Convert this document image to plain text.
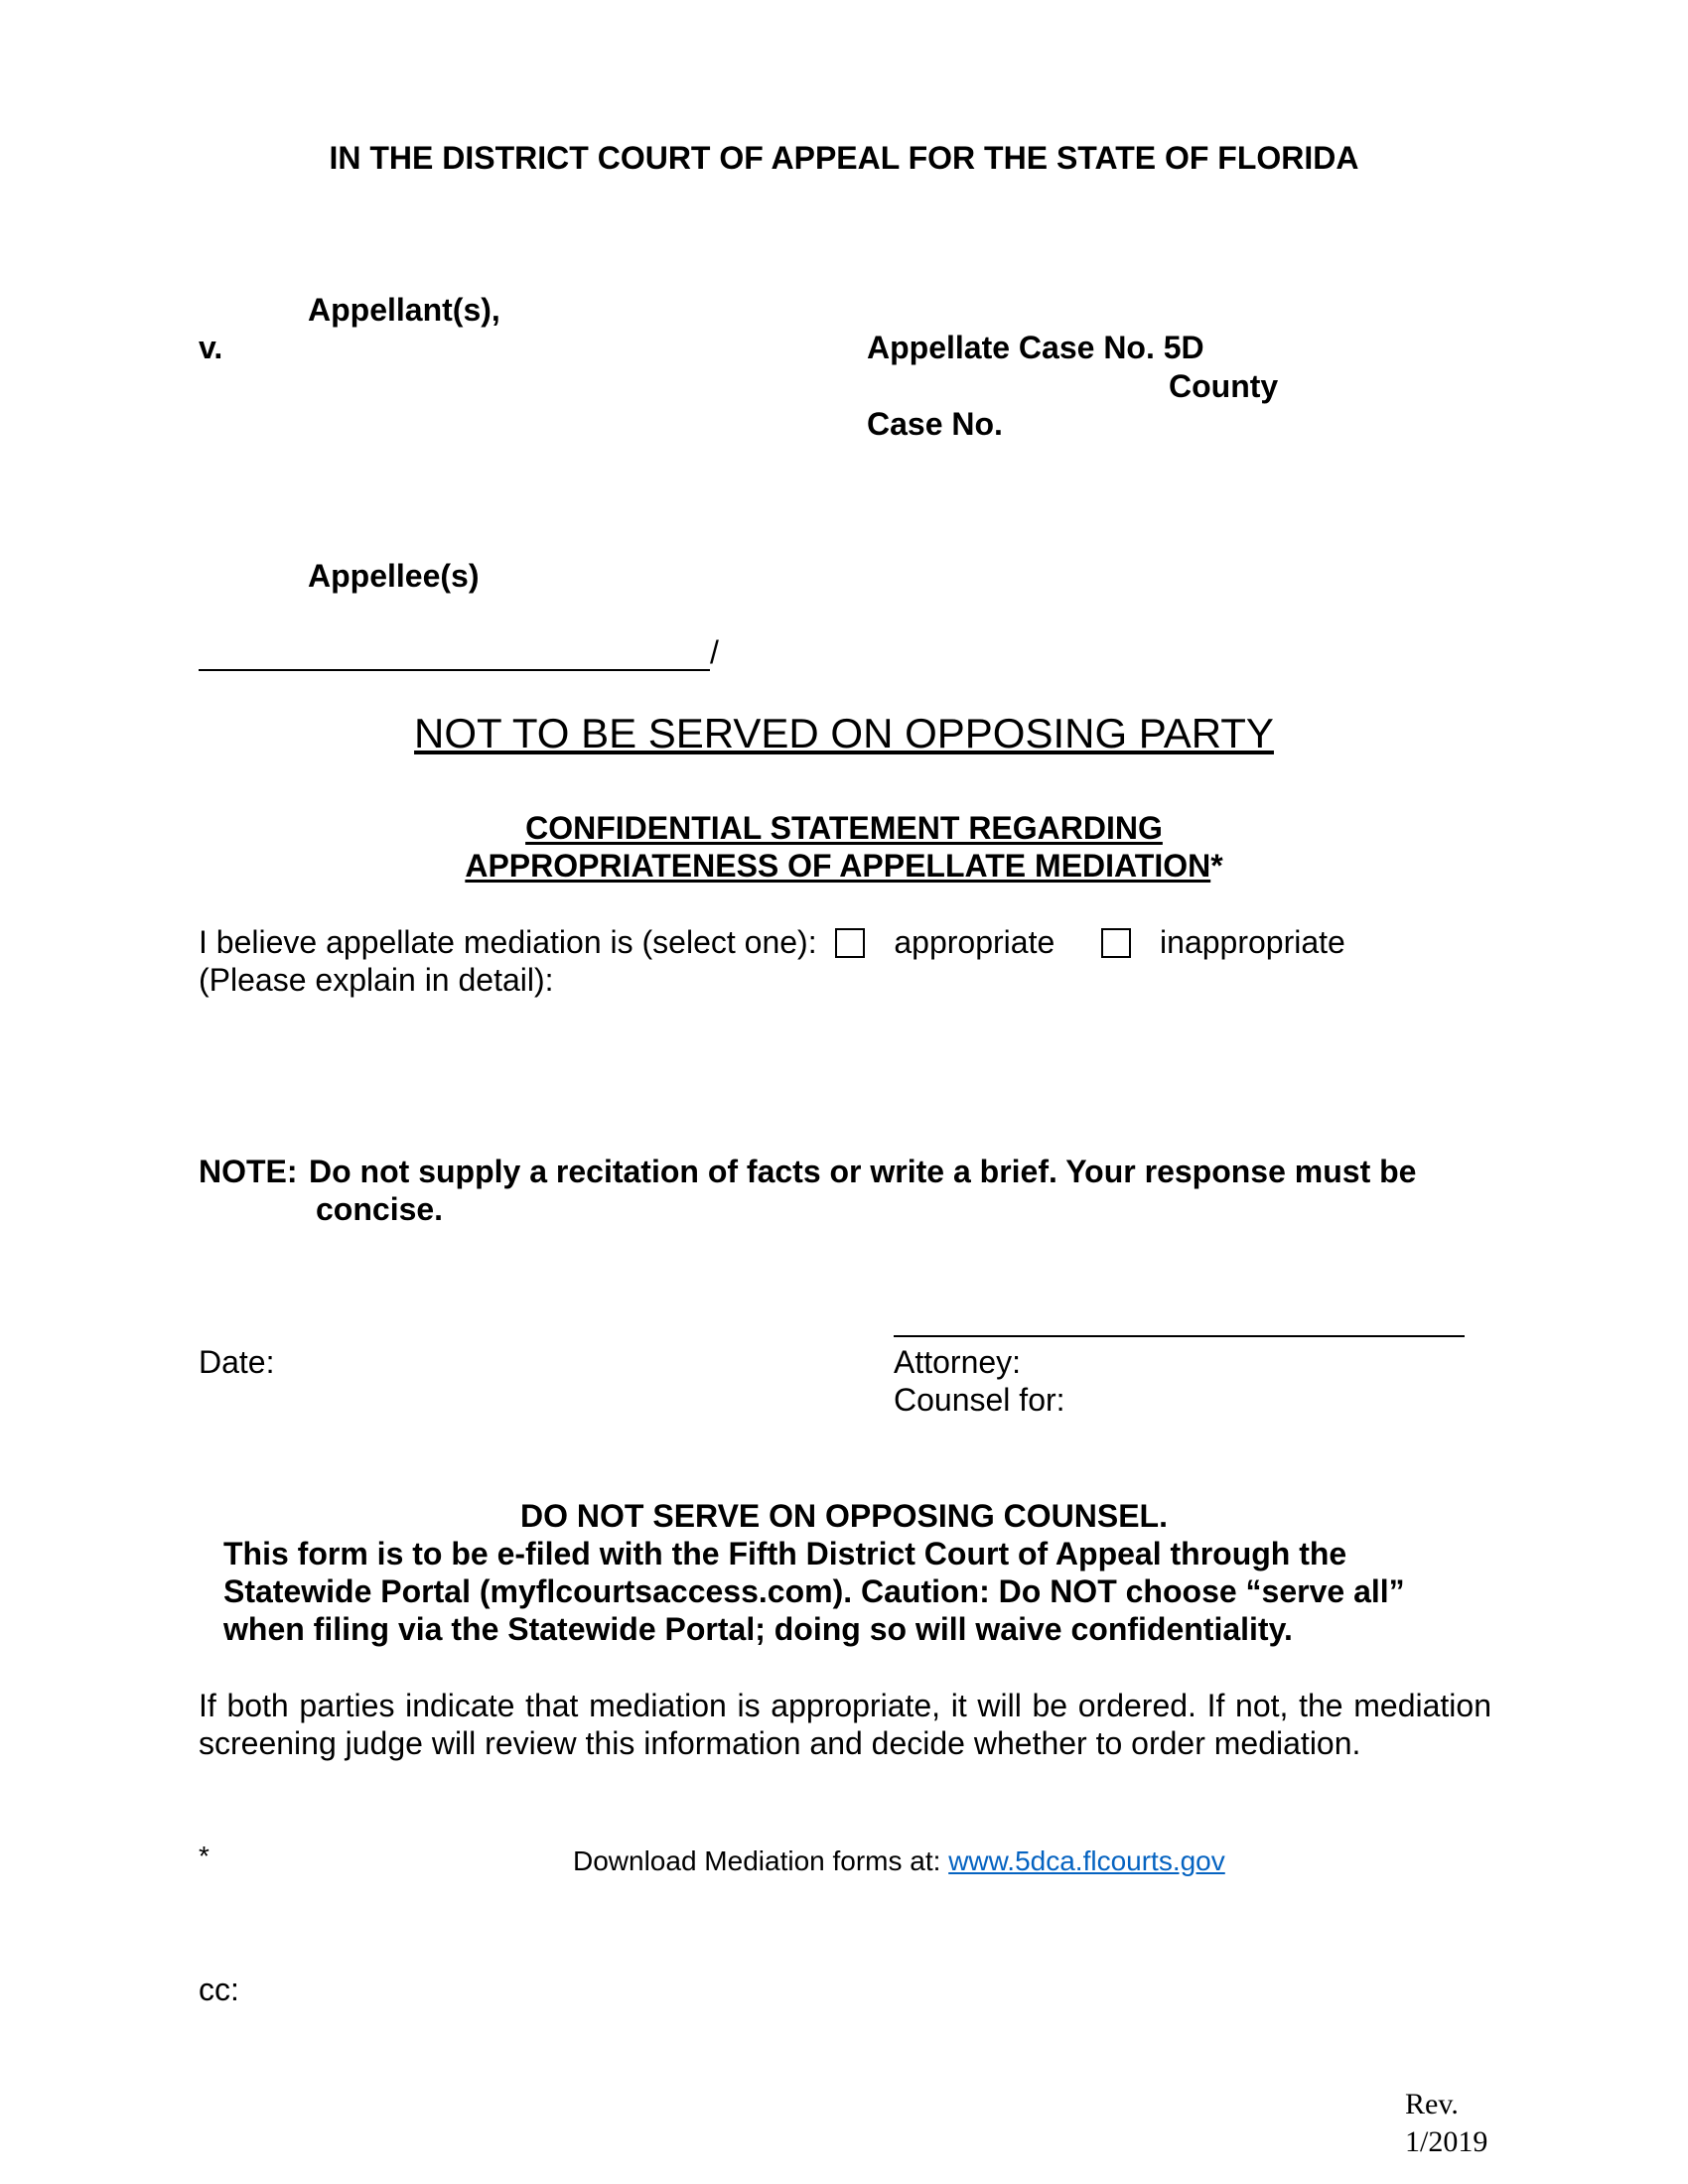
IN THE DISTRICT COURT OF APPEAL FOR THE STATE OF FLORIDA
Appellant(s),
v.	Appellate Case No. 5D
County
Case No.
Appellee(s)
/
NOT TO BE SERVED ON OPPOSING PARTY
CONFIDENTIAL STATEMENT REGARDING
APPROPRIATENESS OF APPELLATE MEDIATION*
I believe appellate mediation is (select one): appropriate	inappropriate
(Please explain in detail):
NOTE: Do not supply a recitation of facts or write a brief. Your response must be
concise.
Date:	Attorney:
Counsel for:
DO NOT SERVE ON OPPOSING COUNSEL.
This form is to be e-filed with the Fifth District Court of Appeal through the
Statewide Portal (myflcourtsaccess.com). Caution: Do NOT choose “serve all”
when filing via the Statewide Portal; doing so will waive confidentiality.
If both parties indicate that mediation is appropriate, it will be ordered. If not, the mediation screening judge will review this information and decide whether to order mediation.
*	Download Mediation forms at: www.5dca.flcourts.gov
cc:
Rev.
1/2019
